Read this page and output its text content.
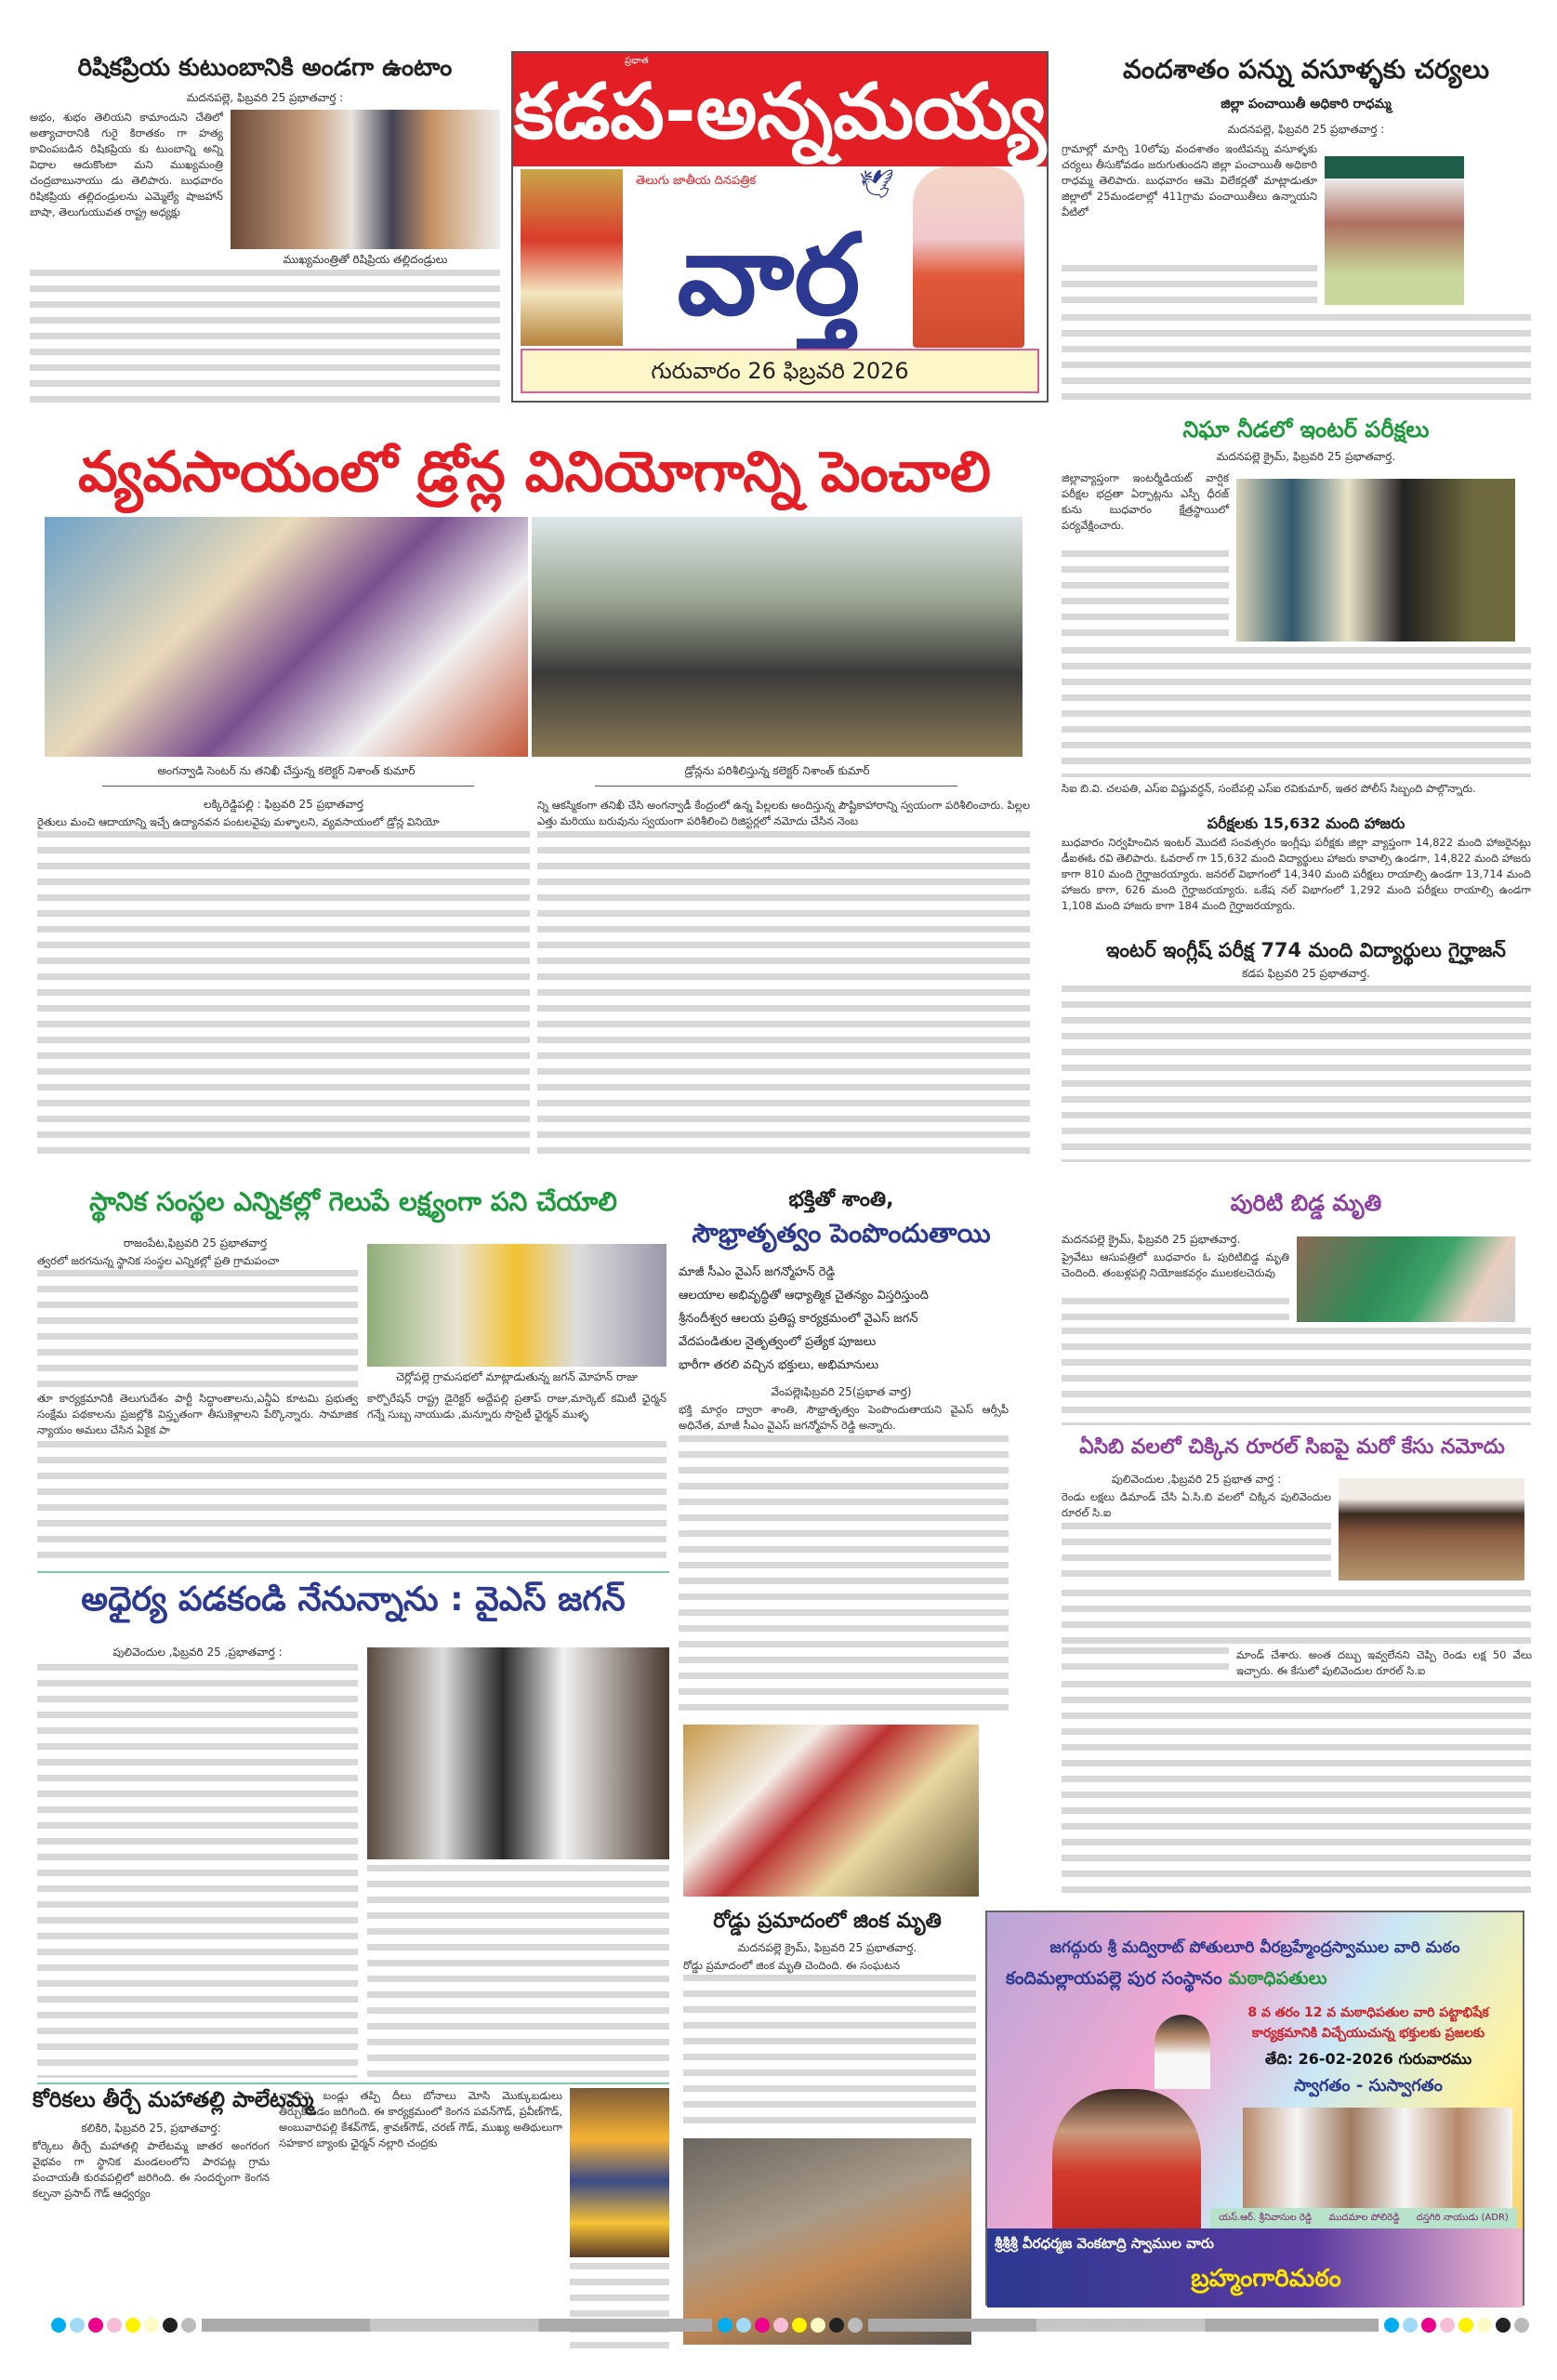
రిషికప్రియ కుటుంబానికి అండగా ఉంటాం
మదనపల్లె, ఫిబ్రవరి 25 ప్రభాతవార్త :
అభం, శుభం తెలియని కామాందుని చేతిలో అత్యాచారానికి గురై కిరాతకం గా హత్య కావింపబడిన రిషికప్రియ కు టుంబాన్ని అన్ని విధాల ఆదుకొంటా మని ముఖ్యమంత్రి చంద్రబాబునాయు డు తెలిపారు. బుధవారం రిషికప్రియ తల్లిదండ్రులను ఎమ్మెల్యే షాజహాన్ బాషా, తెలుగుయువత రాష్ట్ర అధ్యక్షు
ముఖ్యమంత్రితో రిషిప్రియ తల్లిదండ్రులు
ప్రభాత
కడప-అన్నమయ్య
తెలుగు జాతీయ దినపత్రిక	🕊
వార్త
గురువారం 26 ఫిబ్రవరి 2026
వందశాతం పన్ను వసూళ్ళకు చర్యలు
జిల్లా పంచాయితీ అధికారి రాధమ్మ
మదనపల్లె, ఫిబ్రవరి 25 ప్రభాతవార్త :
గ్రామాల్లో మార్చి 10లోపు వందశాతం ఇంటిపన్ను వసూళ్ళకు చర్యలు తీసుకోవడం జరుగుతుందని జిల్లా పంచాయితీ అధికారి రాధమ్మ తెలిపారు. బుధవారం ఆమె విలేకర్లతో మాట్లాడుతూ జిల్లాలో 25మండలాల్లో 411గ్రామ పంచాయితీలు ఉన్నాయని వీటిలో
వ్యవసాయంలో డ్రోన్ల వినియోగాన్ని పెంచాలి
అంగన్వాడి సెంటర్ ను తనిఖీ చేస్తున్న కలెక్టర్ నిశాంత్ కుమార్	డ్రోన్లను పరిశీలిస్తున్న కలెక్టర్ నిశాంత్ కుమార్
లక్కిరెడ్డిపల్లి : ఫిబ్రవరి 25 ప్రభాతవార్త
రైతులు మంచి ఆదాయాన్ని ఇచ్చే ఉద్యానవన పంటలవైపు మళ్ళాలని, వ్యవసాయంలో డ్రోన్ల వినియో
న్ని ఆకస్మికంగా తనిఖీ చేసి అంగన్వాడీ కేంద్రంలో ఉన్న పిల్లలకు అందిస్తున్న పౌష్టికాహారాన్ని స్వయంగా పరిశీలించారు. పిల్లల ఎత్తు మరియు బరువును స్వయంగా పరిశీలించి రిజిస్టర్లలో నమోదు చేసిన నెంబ
నిఘా నీడలో ఇంటర్ పరీక్షలు
మదనపల్లె క్రైమ్, ఫిబ్రవరి 25 ప్రభాతవార్త.
జిల్లావ్యాప్తంగా ఇంటర్మీడియట్ వార్షిక పరీక్షల భద్రతా ఏర్పాట్లను ఎస్పీ ధీరజ్ కును బుధవారం క్షేత్రస్థాయిలో పర్యవేక్షించారు.
సిఐ బి.వి. చలపతి, ఎస్ఐ విష్ణువర్ధన్, సంబేపల్లి ఎస్ఐ రవికుమార్, ఇతర పోలీస్ సిబ్బంది పాల్గొన్నారు.
పరీక్షలకు 15,632 మంది హాజరు
బుధవారం నిర్వహించిన ఇంటర్ మొదటి సంవత్సరం ఇంగ్లీషు పరీక్షకు జిల్లా వ్యాప్తంగా 14,822 మంది హాజరైనట్లు డీఐఈఓ రవి తెలిపారు. ఓవరాల్ గా 15,632 మంది విద్యార్థులు హాజరు కావాల్సి ఉండగా, 14,822 మంది హాజరు కాగా 810 మంది గైర్హాజరయ్యారు. జనరల్ విభాగంలో 14,340 మంది పరీక్షలు రాయాల్సి ఉండగా 13,714 మంది హాజరు కాగా, 626 మంది గైర్హాజరయ్యారు. ఒకేష నల్ విభాగంలో 1,292 మంది పరీక్షలు రాయాల్సి ఉండగా 1,108 మంది హాజరు కాగా 184 మంది గైర్హాజరయ్యారు.
ఇంటర్ ఇంగ్లీష్ పరీక్ష 774 మంది విద్యార్థులు గైర్హాజన్
కడప ఫిబ్రవరి 25 ప్రభాతవార్త.
స్థానిక సంస్థల ఎన్నికల్లో గెలుపే లక్ష్యంగా పని చేయాలి
రాజంపేట,ఫిబ్రవరి 25 ప్రభాతవార్త
త్వరలో జరగనున్న స్థానిక సంస్థల ఎన్నికల్లో ప్రతి గ్రామపంచా
చెర్లోపల్లె గ్రామసభలో మాట్లాడుతున్న జగన్ మోహన్ రాజు
తూ కార్యక్రమానికి తెలుగుదేశం పార్టీ సిద్ధాంతాలను,ఎన్డీఏ కూటమి ప్రభుత్వ సంక్షేమ పథకాలను ప్రజల్లోకి విస్తృతంగా తీసుకెళ్లాలని పేర్కొన్నారు. సామాజిక న్యాయం అమలు చేసిన ఏకైక పా
కార్పొరేషన్ రాష్ట్ర డైరెక్టర్ అద్దేపల్లి ప్రతాప్ రాజు,మార్కెట్ కమిటీ ఛైర్మన్ గన్నే సుబ్బ నాయుడు ,మన్నూరు సొసైటీ ఛైర్మన్ ముళ్ళ
భక్తితో శాంతి,
సౌభ్రాతృత్వం పెంపొందుతాయి
మాజీ సీఎం వైఎస్ జగన్మోహన్ రెడ్డి
ఆలయాల అభివృద్ధితో ఆధ్యాత్మిక చైతన్యం విస్తరిస్తుంది
శ్రీనందీశ్వర ఆలయ ప్రతిష్ట కార్యక్రమంలో వైఎస్ జగన్
వేదపండితుల నైతృత్వంలో ప్రత్యేక పూజలు
భారీగా తరలి వచ్చిన భక్తులు, అభిమానులు
వేంపల్లెఃఫిబ్రవరి 25(ప్రభాత వార్త)
భక్తి మార్గం ద్వారా శాంతి, సౌభ్రాతృత్వం పెంపొందుతాయని వైఎస్ ఆర్సీపీ అధినేత, మాజీ సీఎం వైఎస్ జగన్మోహన్ రెడ్డి అన్నారు.
పురిటి బిడ్డ మృతి
మదనపల్లె క్రైమ్, ఫిబ్రవరి 25 ప్రభాతవార్త.
ప్రైవేటు ఆసుపత్రిలో బుధవారం ఓ పురిటిబిడ్డ మృతి చెందింది. తంబళ్లపల్లి నియోజకవర్గం ములకలచెరువు
ఏసిబి వలలో చిక్కిన రూరల్ సిఐపై మరో కేసు నమోదు
పులివెందుల ,ఫిబ్రవరి 25 ప్రభాత వార్త :
రెండు లక్షలు డిమాండ్ చేసి ఏ.సి.బి వలలో చిక్కిన పులివెందుల రూరల్ సి.ఐ
మాండ్ చేశారు. అంత దబ్బు ఇవ్వలేనని చెప్పి రెండు లక్ష 50 వేలు ఇచ్చారు. ఈ కేసులో పులివెందుల రూరల్ సి.ఐ
అధైర్య పడకండి నేనున్నాను : వైఎస్ జగన్
పులివెందుల ,ఫిబ్రవరి 25 ,ప్రభాతవార్త :
కోరికలు తీర్చే మహాతల్లి పాలేటమ్మ
కలికిరి, ఫిబ్రవరి 25, ప్రభాతవార్త:
కోర్కెలు తీర్చే మహాతల్లి పాలేటమ్మ జాతర అంగరంగ వైభవం గా స్థానిక మండలంలోని పారపట్ల గ్రామ పంచాయతీ కురవపల్లిలో జరిగింది. ఈ సందర్భంగా కెంగన కల్పనా ప్రసాద్ గౌడ్ ఆధ్వర్యం
చాందిని బండ్లు తప్పి దీలు బోనాలు మోసి మొక్కుబడులు తీర్చుకోవడం జరిగింది. ఈ కార్యక్రమంలో కెంగన పవన్‌గౌడ్, ప్రవీణ్‌గౌడ్, అంబువారిపల్లి కేశవ్‌గౌడ్, శ్రావణ్‌గౌడ్, చరణ్ గౌడ్, ముఖ్య అతిథులుగా సహకార బ్యాంకు ఛైర్మన్ నల్లారి చంద్రకు
రోడ్డు ప్రమాదంలో జింక మృతి
మదనపల్లె క్రైమ్, ఫిబ్రవరి 25 ప్రభాతవార్త.
రోడ్డు ప్రమాదంలో జింక మృతి చెందింది. ఈ సంఘటన
జగద్గురు శ్రీ మద్విరాట్ పోతులూరి వీరబ్రహ్మేంద్రస్వాముల వారి మఠం
కందిమల్లాయపల్లె పుర సంస్థానం మఠాధిపతులు
8 వ తరం 12 వ మఠాధిపతుల వారి పట్టాభిషేక
కార్యక్రమానికి విచ్చేయుచున్న భక్తులకు ప్రజలకు
తేది: 26-02-2026 గురువారము
స్వాగతం - సుస్వాగతం
యస్.ఆర్. శ్రీనివాసుల రెడ్డి ముదమాల పోలిరెడ్డి దస్తగిరి నాయుడు (ADR)
శ్రీశ్రీశ్రీ వీరధర్మజ వెంకటాద్రి స్వాముల వారు
బ్రహ్మంగారిమఠం
